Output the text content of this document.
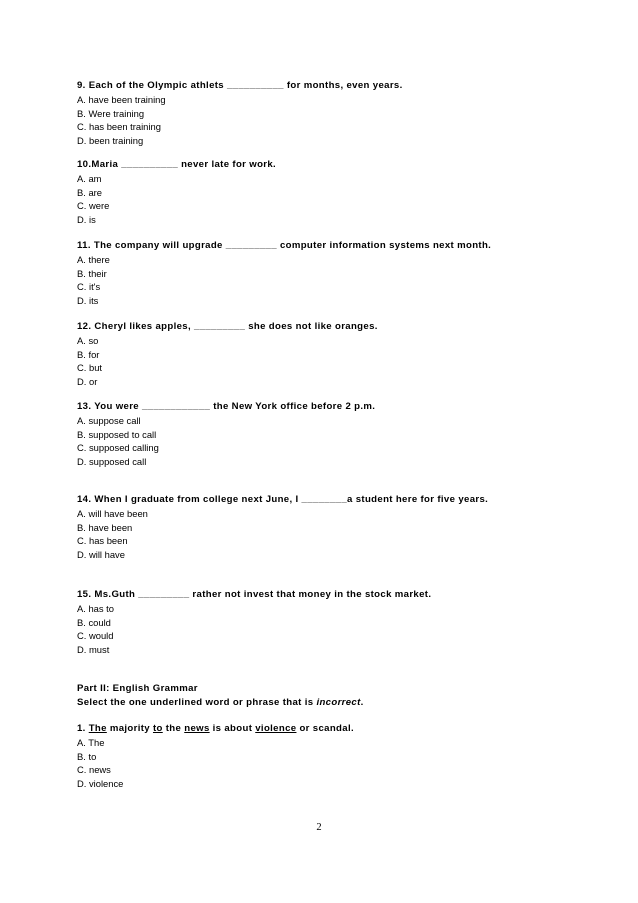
9. Each of the Olympic athlets __________ for months, even years.
A. have been training
B. Were training
C. has been training
D. been training
10.Maria __________ never late for work.
A. am
B. are
C. were
D. is
11. The company will upgrade _________ computer information systems next month.
A. there
B. their
C. it's
D. its
12. Cheryl likes apples, _________ she does not like oranges.
A. so
B. for
C. but
D. or
13. You were ____________ the New York office before 2 p.m.
A. suppose call
B. supposed to call
C. supposed calling
D. supposed call
14. When I graduate from college next June, I ________a student here for five years.
A. will have been
B. have been
C. has been
D. will have
15. Ms.Guth _________ rather not invest that money in the stock market.
A. has to
B. could
C. would
D. must
Part II: English Grammar
Select the one underlined word or phrase that is incorrect.
1. The majority to the news is about violence or scandal.
A. The
B. to
C. news
D. violence
2
